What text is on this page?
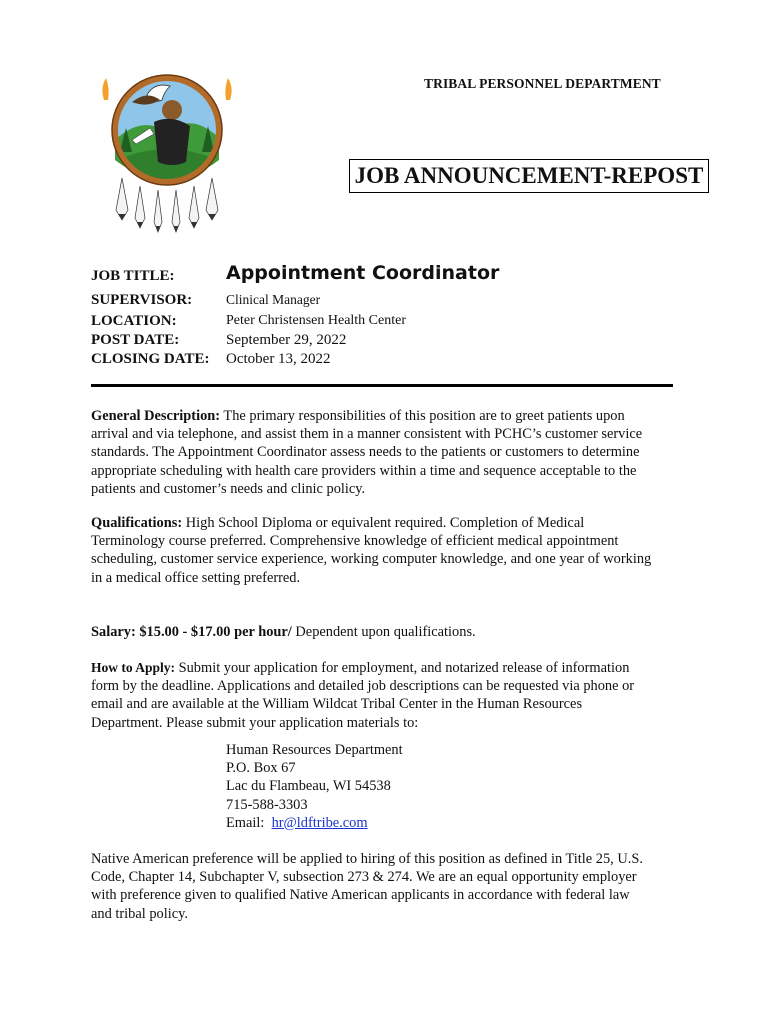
TRIBAL PERSONNEL DEPARTMENT
JOB ANNOUNCEMENT-REPOST
JOB TITLE:	Appointment Coordinator
SUPERVISOR:	Clinical Manager
LOCATION:	Peter Christensen Health Center
POST DATE:	September 29, 2022
CLOSING DATE: October 13, 2022
General Description: The primary responsibilities of this position are to greet patients upon
arrival and via telephone, and assist them in a manner consistent with PCHC’s customer service
standards. The Appointment Coordinator assess needs to the patients or customers to determine
appropriate scheduling with health care providers within a time and sequence acceptable to the
patients and customer’s needs and clinic policy.
Qualifications: High School Diploma or equivalent required. Completion of Medical
Terminology course preferred. Comprehensive knowledge of efficient medical appointment
scheduling, customer service experience, working computer knowledge, and one year of working
in a medical office setting preferred.
Salary: $15.00 - $17.00 per hour/ Dependent upon qualifications.
How to Apply: Submit your application for employment, and notarized release of information
form by the deadline. Applications and detailed job descriptions can be requested via phone or
email and are available at the William Wildcat Tribal Center in the Human Resources
Department. Please submit your application materials to:
Human Resources Department
P.O. Box 67
Lac du Flambeau, WI 54538
715-588-3303
Email:  hr@ldftribe.com
Native American preference will be applied to hiring of this position as defined in Title 25, U.S.
Code, Chapter 14, Subchapter V, subsection 273 & 274. We are an equal opportunity employer
with preference given to qualified Native American applicants in accordance with federal law
and tribal policy.
